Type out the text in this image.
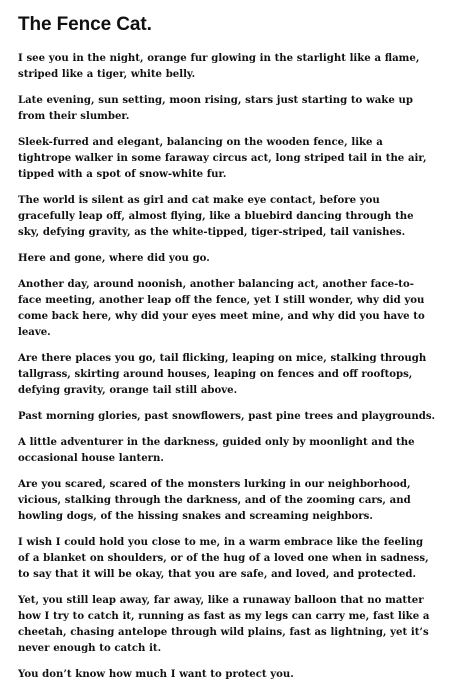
The Fence Cat.

I see you in the night, orange fur glowing in the starlight like a flame, striped like a tiger, white belly.

Late evening, sun setting, moon rising, stars just starting to wake up from their slumber.

Sleek-furred and elegant, balancing on the wooden fence, like a tightrope walker in some faraway circus act, long striped tail in the air, tipped with a spot of snow-white fur.

The world is silent as girl and cat make eye contact, before you gracefully leap off, almost flying, like a bluebird dancing through the sky, defying gravity, as the white-tipped, tiger-striped, tail vanishes.

Here and gone, where did you go.

Another day, around noonish, another balancing act, another face-to-face meeting, another leap off the fence, yet I still wonder, why did you come back here, why did your eyes meet mine, and why did you have to leave.

Are there places you go, tail flicking, leaping on mice, stalking through tallgrass, skirting around houses, leaping on fences and off rooftops, defying gravity, orange tail still above.

Past morning glories, past snowflowers, past pine trees and playgrounds.

A little adventurer in the darkness, guided only by moonlight and the occasional house lantern.

Are you scared, scared of the monsters lurking in our neighborhood, vicious, stalking through the darkness, and of the zooming cars, and howling dogs, of the hissing snakes and screaming neighbors.

I wish I could hold you close to me, in a warm embrace like the feeling of a blanket on shoulders, or of the hug of a loved one when in sadness, to say that it will be okay, that you are safe, and loved, and protected.

Yet, you still leap away, far away, like a runaway balloon that no matter how I try to catch it, running as fast as my legs can carry me, fast like a cheetah, chasing antelope through wild plains, fast as lightning, yet it’s never enough to catch it.

You don’t know how much I want to protect you.
